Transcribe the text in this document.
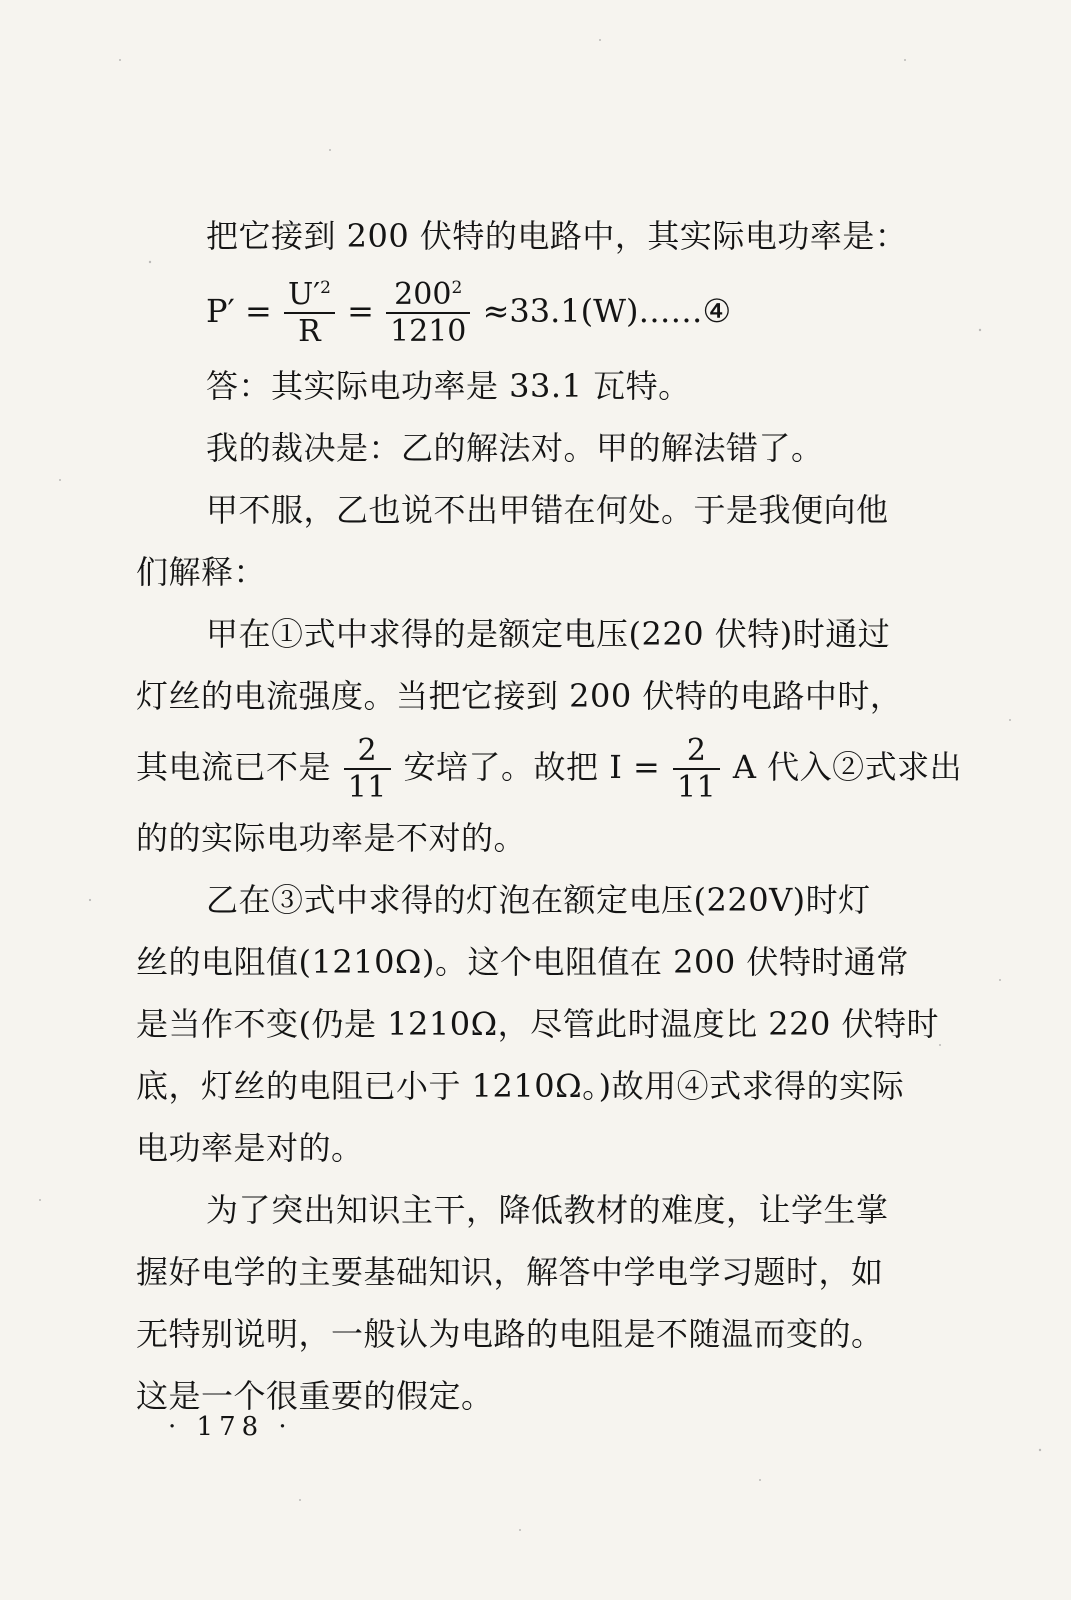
把它接到 200 伏特的电路中，其实际电功率是：
$P' = \frac{U'^2}{R} = \frac{200^2}{1210}$ ≈33.1(W)……④
答：其实际电功率是 33.1 瓦特。
我的裁决是：乙的解法对。甲的解法错了。
甲不服，乙也说不出甲错在何处。于是我便向他
们解释：
甲在①式中求得的是额定电压(220 伏特)时通过
灯丝的电流强度。当把它接到 200 伏特的电路中时，
其电流已不是 $\frac{2}{11}$ 安培了。故把 $I = \frac{2}{11}$ A 代入②式求出
的的实际电功率是不对的。
乙在③式中求得的灯泡在额定电压(220V)时灯
丝的电阻值(1210Ω)。这个电阻值在 200 伏特时通常
是当作不变(仍是 1210Ω，尽管此时温度比 220 伏特时
底，灯丝的电阻已小于 1210Ω。)故用④式求得的实际
电功率是对的。
为了突出知识主干，降低教材的难度，让学生掌
握好电学的主要基础知识，解答中学电学习题时，如
无特别说明，一般认为电路的电阻是不随温而变的。
这是一个很重要的假定。
· 178 ·
